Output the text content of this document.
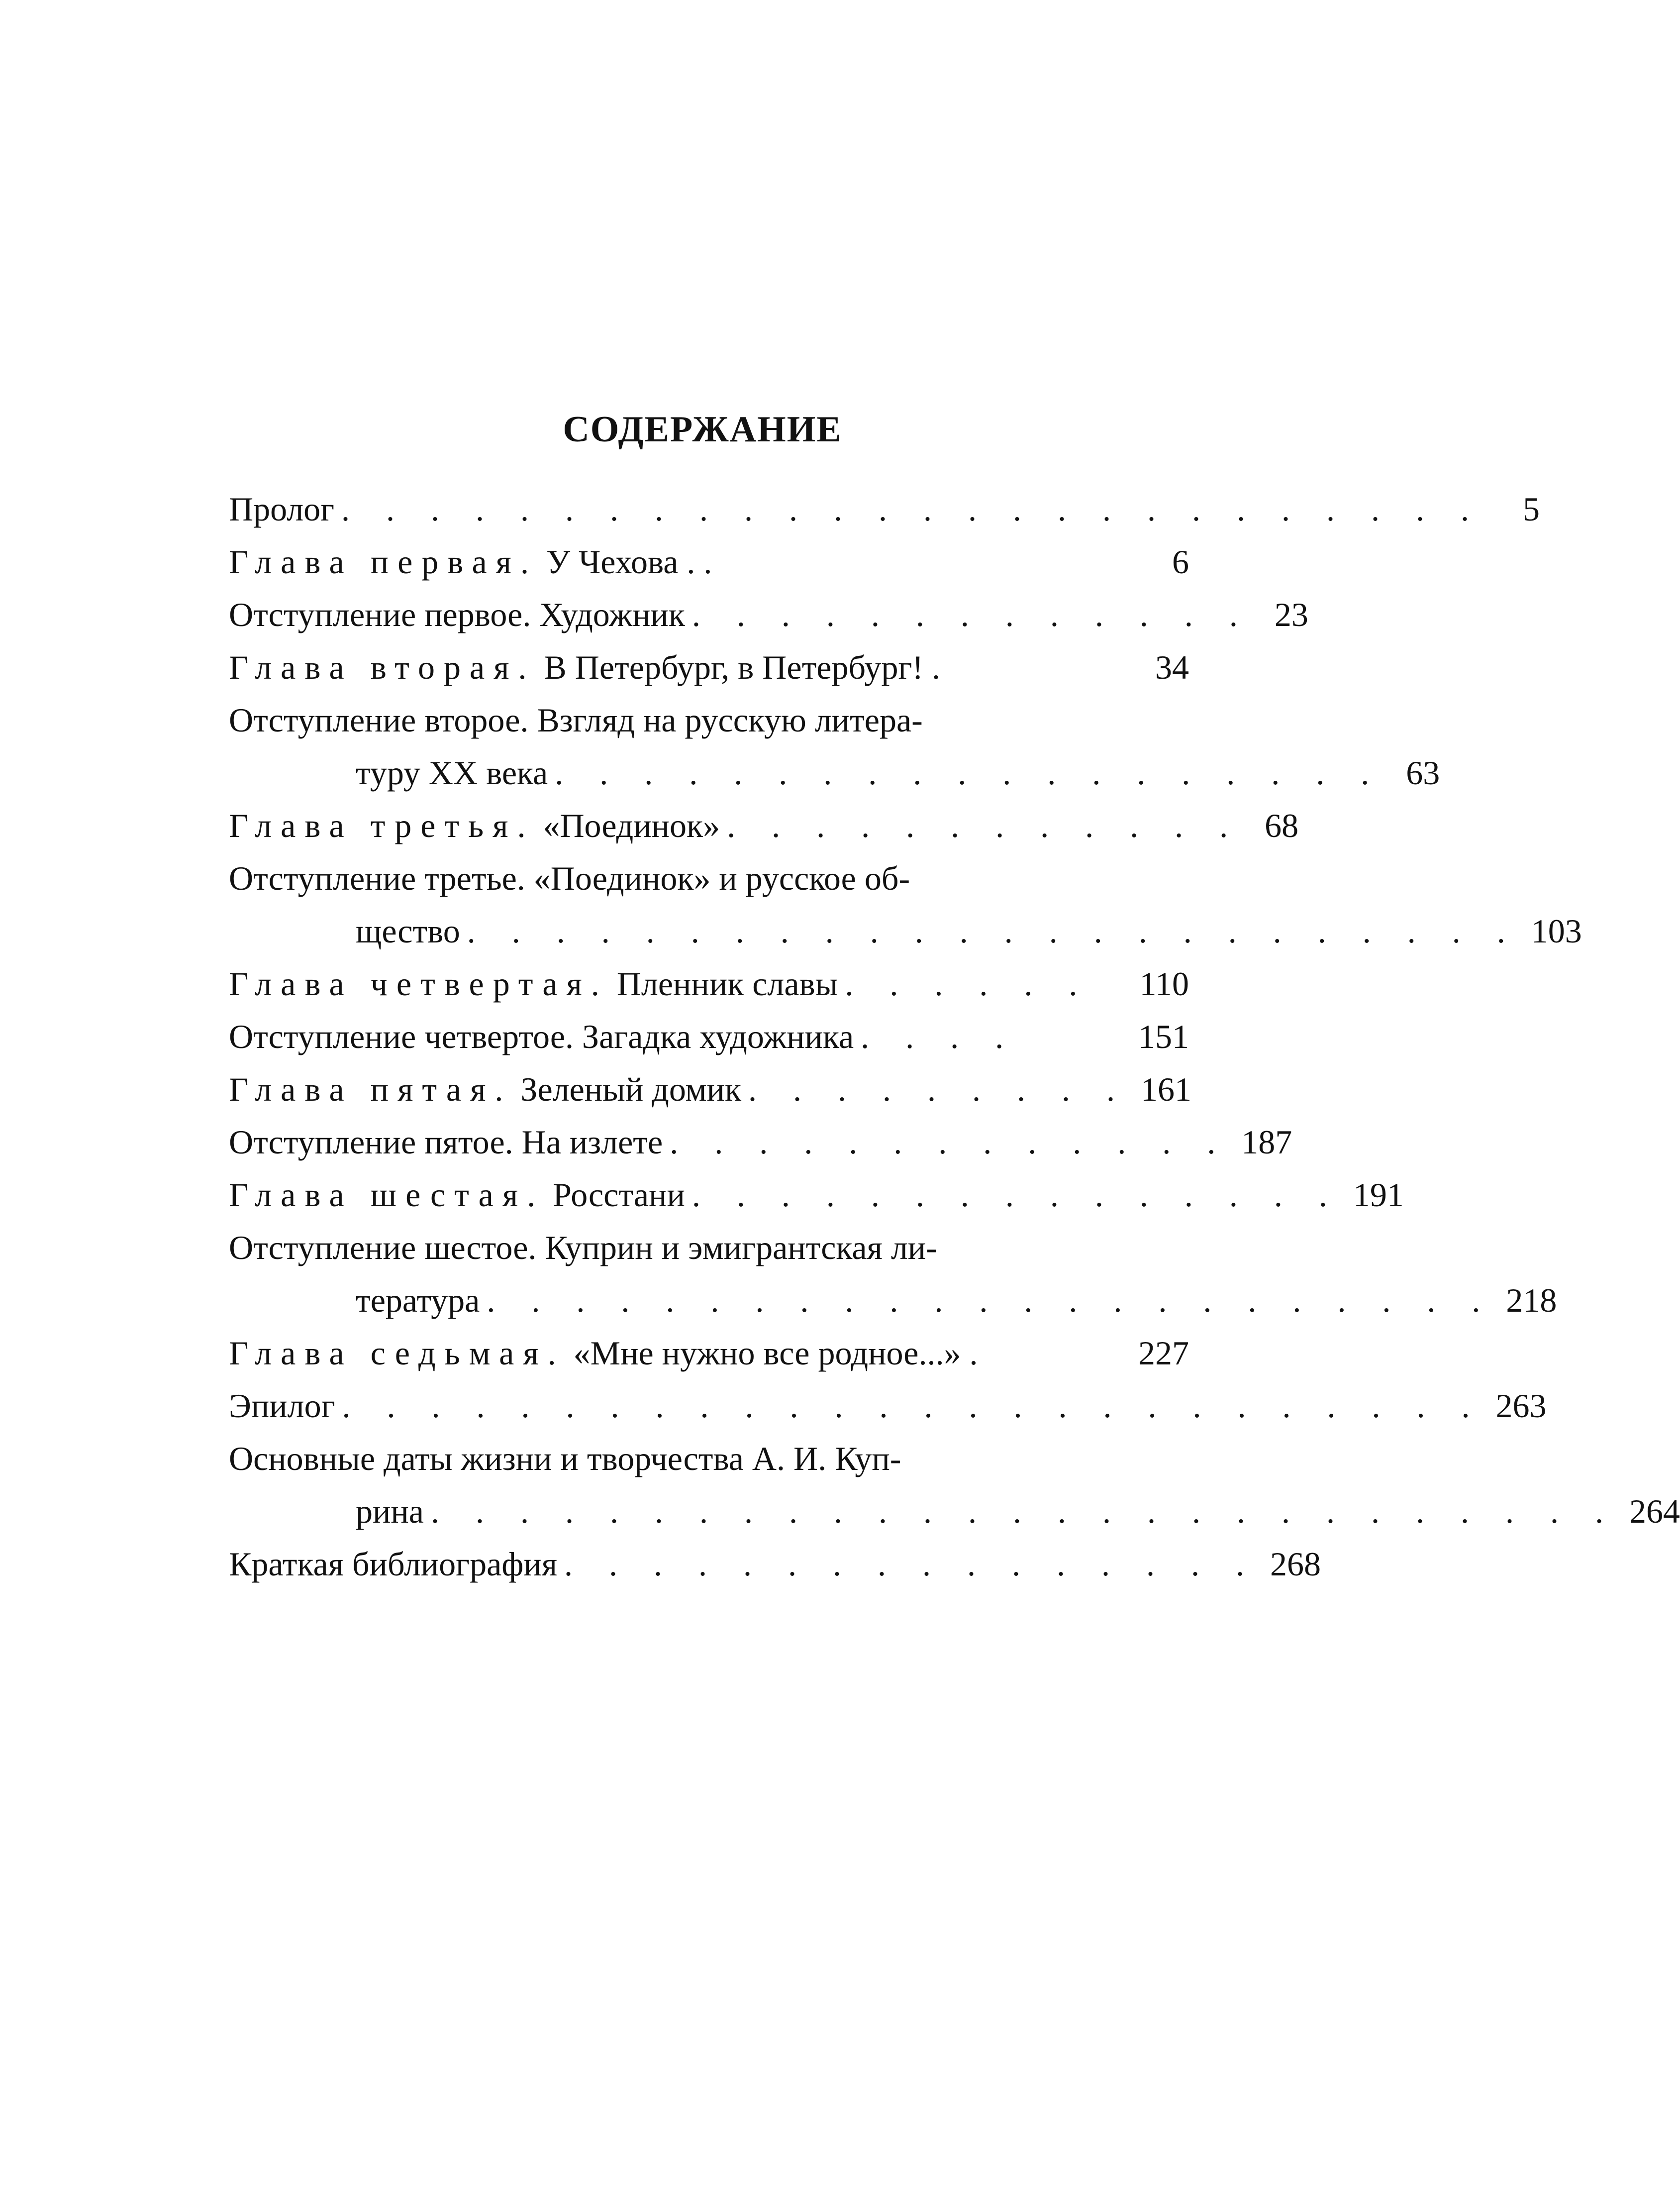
СОДЕРЖАНИЕ
Пролог . . . . . . . . . . . . . . . . . . . . . . . . . .	5
Глава первая. У Чехова . .	6
Отступление первое. Художник . . . . . . . . . . . . . 23
Глава вторая. В Петербург, в Петербург! .	34
Отступление второе. Взгляд на русскую литера-
туру XX века . . . . . . . . . . . . . . . . . . . 63
Глава третья. «Поединок» . . . . . . . . . . . . 68
Отступление третье. «Поединок» и русское об-
щество . . . . . . . . . . . . . . . . . . . . . . . . 103
Глава четвертая. Пленник славы . . . . . .	110
Отступление четвертое. Загадка художника . . . .	151
Глава пятая. Зеленый домик . . . . . . . . . 161
Отступление пятое. На излете . . . . . . . . . . . . . 187
Глава шестая. Росстани . . . . . . . . . . . . . . . 191
Отступление шестое. Куприн и эмигрантская ли-
тература . . . . . . . . . . . . . . . . . . . . . . . 218
Глава седьмая. «Мне нужно все родное...» .	227
Эпилог . . . . . . . . . . . . . . . . . . . . . . . . . . 263
Основные даты жизни и творчества А. И. Куп-
рина . . . . . . . . . . . . . . . . . . . . . . . . . . . 264
Краткая библиография . . . . . . . . . . . . . . . . 268
